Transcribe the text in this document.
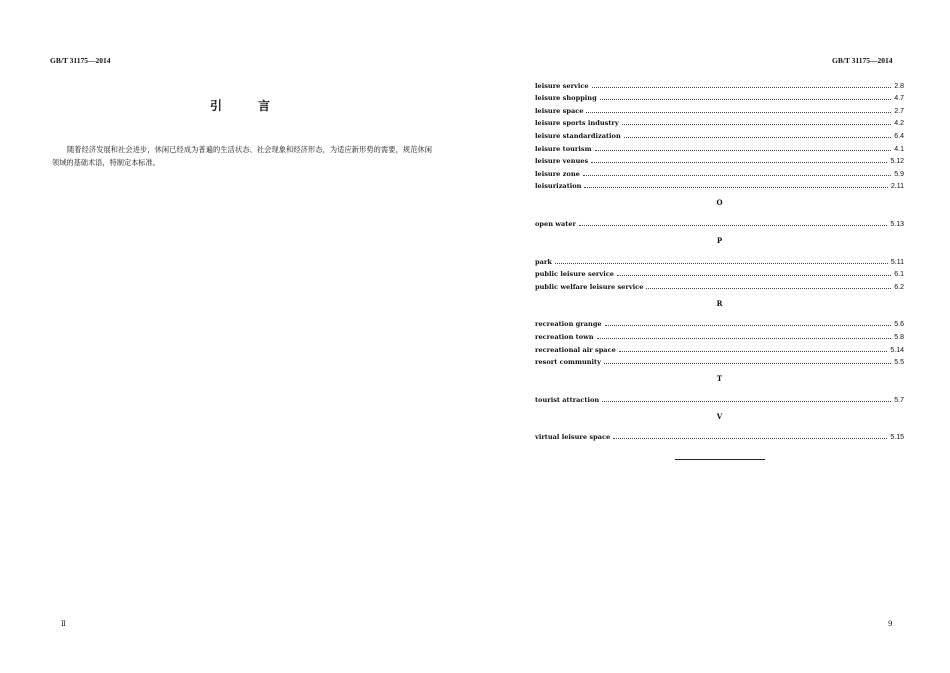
GB/T 31175—2014
引	言

随着经济发展和社会进步，休闲已经成为普遍的生活状态、社会现象和经济形态，为适应新形势的需要，规范休闲领域的基础术语，特制定本标准。

Ⅱ
GB/T 31175—2014
leisure service	2.8
leisure shopping	4.7
leisure space	2.7
leisure sports industry	4.2
leisure standardization	6.4
leisure tourism	4.1
leisure venues	5.12
leisure zone	5.9
leisurization	2.11
O
open water	5.13
P
park	5.11
public leisure service	6.1
public welfare leisure service	6.2
R
recreation grange	5.6
recreation town	5.8
recreational air space	5.14
resort community	5.5
T
tourist attraction	5.7
V
virtual leisure space	5.15
9
